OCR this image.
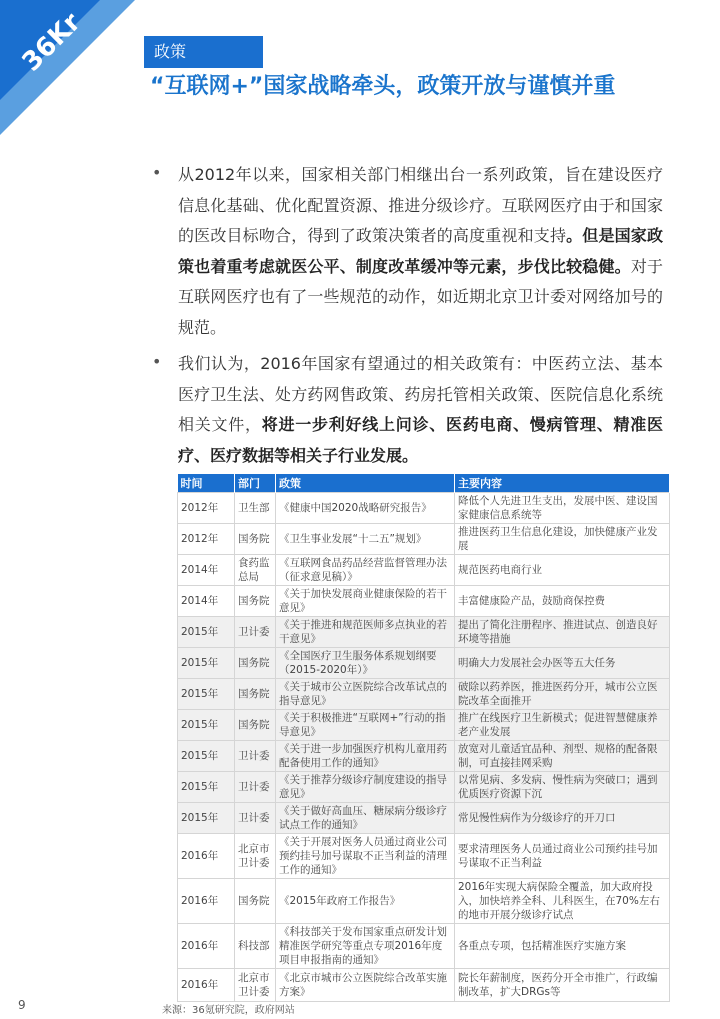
36Kr	政策
“互联网+”国家战略牵头，政策开放与谨慎并重
• 从2012年以来，国家相关部门相继出台一系列政策，旨在建设医疗信息化基础、优化配置资源、推进分级诊疗。互联网医疗由于和国家的医改目标吻合，得到了政策决策者的高度重视和支持。但是国家政策也着重考虑就医公平、制度改革缓冲等元素，步伐比较稳健。对于互联网医疗也有了一些规范的动作，如近期北京卫计委对网络加号的规范。
• 我们认为，2016年国家有望通过的相关政策有：中医药立法、基本医疗卫生法、处方药网售政策、药房托管相关政策、医院信息化系统相关文件，将进一步利好线上问诊、医药电商、慢病管理、精准医疗、医疗数据等相关子行业发展。
时间	部门	政策	主要内容
2012年	卫生部	《健康中国2020战略研究报告》	降低个人先进卫生支出，发展中医、建设国家健康信息系统等
2012年	国务院	《卫生事业发展“十二五”规划》	推进医药卫生信息化建设，加快健康产业发展
2014年	食药监总局	《互联网食品药品经营监督管理办法（征求意见稿）》	规范医药电商行业
2014年	国务院	《关于加快发展商业健康保险的若干意见》	丰富健康险产品，鼓励商保控费
2015年	卫计委	《关于推进和规范医师多点执业的若干意见》	提出了简化注册程序、推进试点、创造良好环境等措施
2015年	国务院	《全国医疗卫生服务体系规划纲要（2015-2020年）》	明确大力发展社会办医等五大任务
2015年	国务院	《关于城市公立医院综合改革试点的指导意见》	破除以药养医，推进医药分开，城市公立医院改革全面推开
2015年	国务院	《关于积极推进“互联网+”行动的指导意见》	推广在线医疗卫生新模式；促进智慧健康养老产业发展
2015年	卫计委	《关于进一步加强医疗机构儿童用药配备使用工作的通知》	放宽对儿童适宜品种、剂型、规格的配备限制，可直接挂网采购
2015年	卫计委	《关于推荐分级诊疗制度建设的指导意见》	以常见病、多发病、慢性病为突破口；遇到优质医疗资源下沉
2015年	卫计委	《关于做好高血压、糖尿病分级诊疗试点工作的通知》	常见慢性病作为分级诊疗的开刀口
2016年	北京市卫计委	《关于开展对医务人员通过商业公司预约挂号加号谋取不正当利益的清理工作的通知》	要求清理医务人员通过商业公司预约挂号加号谋取不正当利益
2016年	国务院	《2015年政府工作报告》	2016年实现大病保险全覆盖，加大政府投入，加快培养全科、儿科医生，在70%左右的地市开展分级诊疗试点
2016年	科技部	《科技部关于发布国家重点研发计划精准医学研究等重点专项2016年度项目申报指南的通知》	各重点专项，包括精准医疗实施方案
2016年	北京市卫计委	《北京市城市公立医院综合改革实施方案》	院长年薪制度，医药分开全市推广，行政编制改革，扩大DRGs等
9	来源：36氪研究院，政府网站
